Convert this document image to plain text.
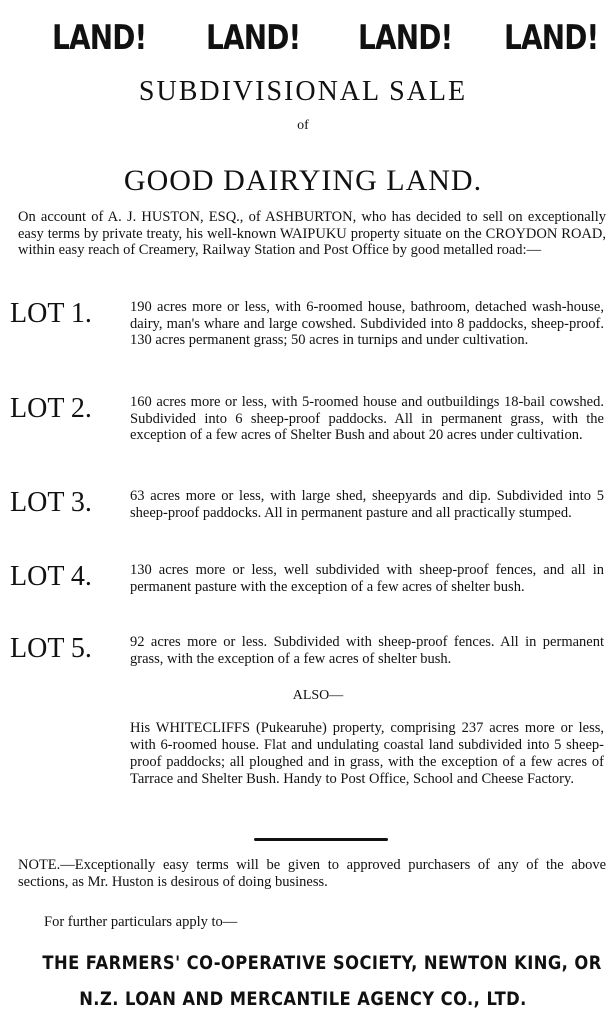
LAND! LAND! LAND! LAND!
SUBDIVISIONAL SALE
of
GOOD DAIRYING LAND.
On account of A. J. HUSTON, ESQ., of ASHBURTON, who has decided to sell on exceptionally easy terms by private treaty, his well-known WAIPUKU property situate on the CROYDON ROAD, within easy reach of Creamery, Railway Station and Post Office by good metalled road:—
LOT 1.	190 acres more or less, with 6-roomed house, bathroom, detached wash-house, dairy, man's whare and large cowshed. Subdivided into 8 paddocks, sheep-proof. 130 acres permanent grass; 50 acres in turnips and under cultivation.
LOT 2.	160 acres more or less, with 5-roomed house and outbuildings 18-bail cowshed. Subdivided into 6 sheep-proof paddocks. All in permanent grass, with the exception of a few acres of Shelter Bush and about 20 acres under cultivation.
LOT 3.	63 acres more or less, with large shed, sheepyards and dip. Subdivided into 5 sheep-proof paddocks. All in permanent pasture and all practically stumped.
LOT 4.	130 acres more or less, well subdivided with sheep-proof fences, and all in permanent pasture with the exception of a few acres of shelter bush.
LOT 5.	92 acres more or less. Subdivided with sheep-proof fences. All in permanent grass, with the exception of a few acres of shelter bush.
ALSO—
His WHITECLIFFS (Pukearuhe) property, comprising 237 acres more or less, with 6-roomed house. Flat and undulating coastal land subdivided into 5 sheep-proof paddocks; all ploughed and in grass, with the exception of a few acres of Tarrace and Shelter Bush. Handy to Post Office, School and Cheese Factory.
NOTE.—Exceptionally easy terms will be given to approved purchasers of any of the above sections, as Mr. Huston is desirous of doing business.
For further particulars apply to—
THE FARMERS' CO-OPERATIVE SOCIETY, NEWTON KING, OR
N.Z. LOAN AND MERCANTILE AGENCY CO., LTD.
